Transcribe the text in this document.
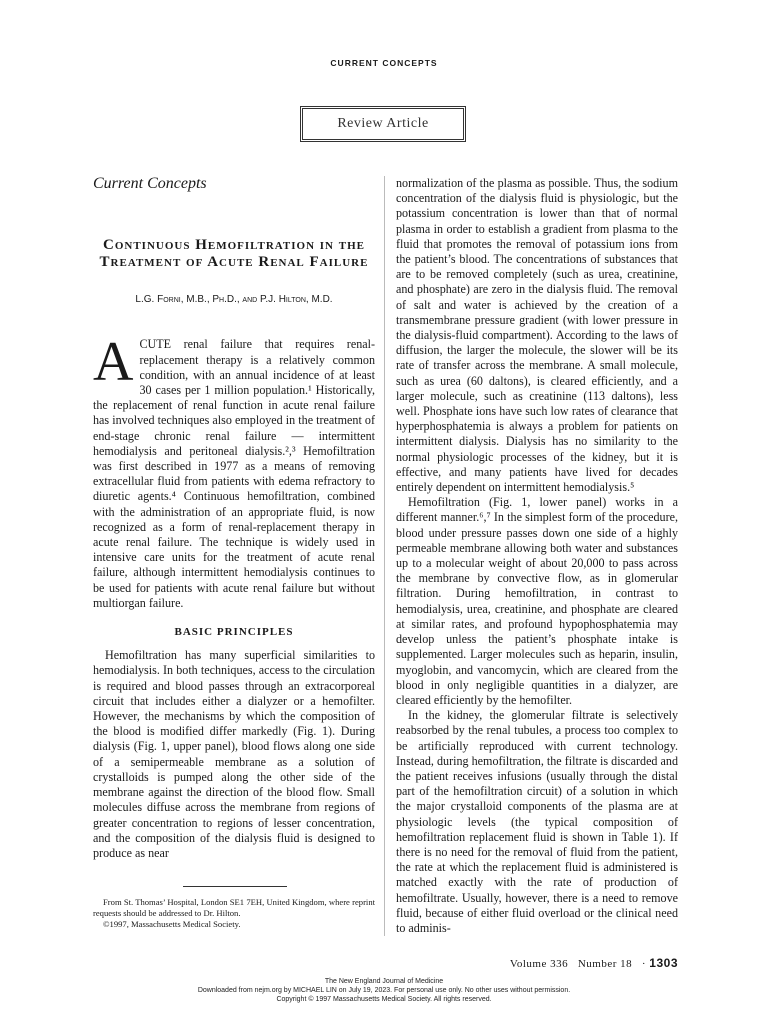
CURRENT CONCEPTS
Review Article
Current Concepts
Continuous Hemofiltration in the Treatment of Acute Renal Failure
L.G. Forni, M.B., Ph.D., and P.J. Hilton, M.D.

ACUTE renal failure that requires renal-replacement therapy is a relatively common condition, with an annual incidence of at least 30 cases per 1 million population.¹ Historically, the replacement of renal function in acute renal failure has involved techniques also employed in the treatment of end-stage chronic renal failure — intermittent hemodialysis and peritoneal dialysis.²,³ Hemofiltration was first described in 1977 as a means of removing extracellular fluid from patients with edema refractory to diuretic agents.⁴ Continuous hemofiltration, combined with the administration of an appropriate fluid, is now recognized as a form of renal-replacement therapy in acute renal failure. The technique is widely used in intensive care units for the treatment of acute renal failure, although intermittent hemodialysis continues to be used for patients with acute renal failure but without multiorgan failure.

BASIC PRINCIPLES

Hemofiltration has many superficial similarities to hemodialysis. In both techniques, access to the circulation is required and blood passes through an extracorporeal circuit that includes either a dialyzer or a hemofilter. However, the mechanisms by which the composition of the blood is modified differ markedly (Fig. 1). During dialysis (Fig. 1, upper panel), blood flows along one side of a semipermeable membrane as a solution of crystalloids is pumped along the other side of the membrane against the direction of the blood flow. Small molecules diffuse across the membrane from regions of greater concentration to regions of lesser concentration, and the composition of the dialysis fluid is designed to produce as near

normalization of the plasma as possible. Thus, the sodium concentration of the dialysis fluid is physiologic, but the potassium concentration is lower than that of normal plasma in order to establish a gradient from plasma to the fluid that promotes the removal of potassium ions from the patient’s blood. The concentrations of substances that are to be removed completely (such as urea, creatinine, and phosphate) are zero in the dialysis fluid. The removal of salt and water is achieved by the creation of a transmembrane pressure gradient (with lower pressure in the dialysis-fluid compartment). According to the laws of diffusion, the larger the molecule, the slower will be its rate of transfer across the membrane. A small molecule, such as urea (60 daltons), is cleared efficiently, and a larger molecule, such as creatinine (113 daltons), less well. Phosphate ions have such low rates of clearance that hyperphosphatemia is always a problem for patients on intermittent dialysis. Dialysis has no similarity to the normal physiologic processes of the kidney, but it is effective, and many patients have lived for decades entirely dependent on intermittent hemodialysis.⁵

Hemofiltration (Fig. 1, lower panel) works in a different manner.⁶,⁷ In the simplest form of the procedure, blood under pressure passes down one side of a highly permeable membrane allowing both water and substances up to a molecular weight of about 20,000 to pass across the membrane by convective flow, as in glomerular filtration. During hemofiltration, in contrast to hemodialysis, urea, creatinine, and phosphate are cleared at similar rates, and profound hypophosphatemia may develop unless the patient’s phosphate intake is supplemented. Larger molecules such as heparin, insulin, myoglobin, and vancomycin, which are cleared from the blood in only negligible quantities in a dialyzer, are cleared efficiently by the hemofilter.

In the kidney, the glomerular filtrate is selectively reabsorbed by the renal tubules, a process too complex to be artificially reproduced with current technology. Instead, during hemofiltration, the filtrate is discarded and the patient receives infusions (usually through the distal part of the hemofiltration circuit) of a solution in which the major crystalloid components of the plasma are at physiologic levels (the typical composition of hemofiltration replacement fluid is shown in Table 1). If there is no need for the removal of fluid from the patient, the rate at which the replacement fluid is administered is matched exactly with the rate of production of hemofiltrate. Usually, however, there is a need to remove fluid, because of either fluid overload or the clinical need to adminis-

From St. Thomas’ Hospital, London SE1 7EH, United Kingdom, where reprint requests should be addressed to Dr. Hilton.

©1997, Massachusetts Medical Society.

Volume 336   Number 18   · 1303
The New England Journal of Medicine
Downloaded from nejm.org by MICHAEL LIN on July 19, 2023. For personal use only. No other uses without permission.
Copyright © 1997 Massachusetts Medical Society. All rights reserved.
